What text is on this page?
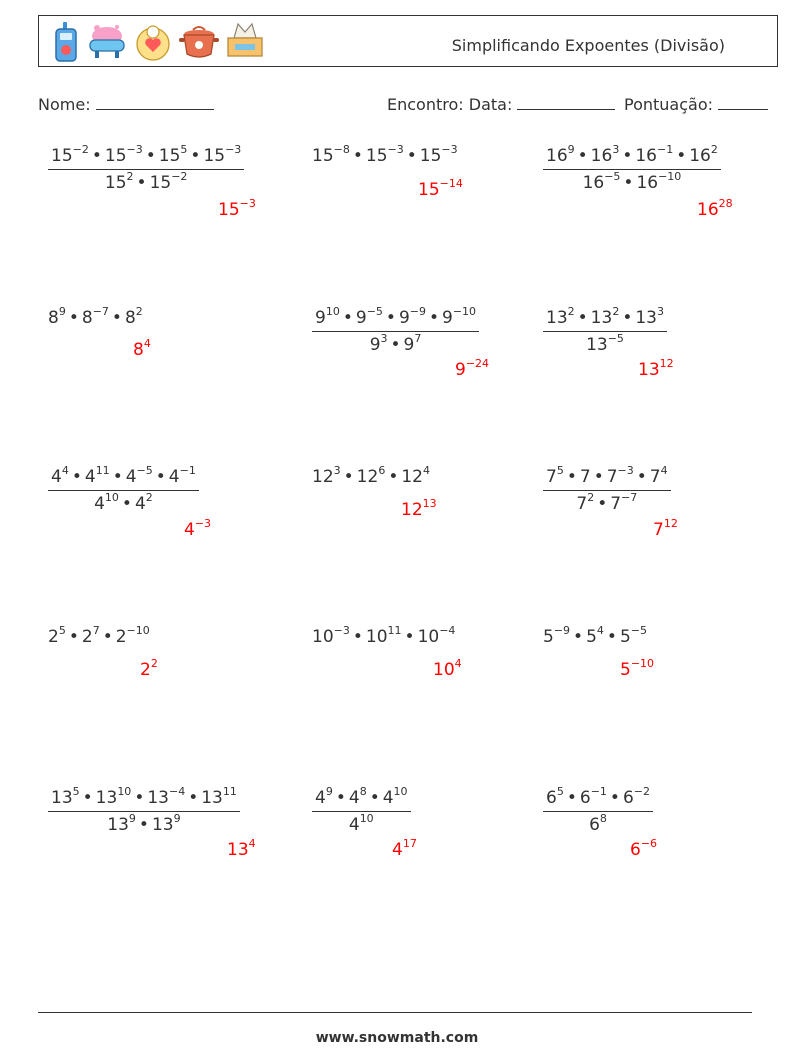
Simplificando Expoentes (Divisão)
Nome:	Encontro: Data:	Pontuação:
$\frac{15^{-2} • 15^{-3} • 15^5 • 15^{-3}}{15^2 • 15^{-2}}$
$15^{-3}$
$15^{-8}$ • $15^{-3}$ • $15^{-3}$
$15^{-14}$	$\frac{16^9 • 16^3 • 16^{-1} • 16^2}{16^{-5} • 16^{-10}}$
$16^{28}$
$8^9$ • $8^{-7}$ • $8^2$
$8^4$	$\frac{9^{10} • 9^{-5} • 9^{-9} • 9^{-10}}{9^3 • 9^7}$
$9^{-24}$
$\frac{13^2 • 13^2 • 13^3}{13^{-5}}$
$13^{12}$
$\frac{4^4 • 4^{11} • 4^{-5} • 4^{-1}}{4^{10} • 4^2}$
$4^{-3}$
$12^3$ • $12^6$ • $12^4$
$12^{13}$	$\frac{7^5 • 7 • 7^{-3} • 7^4}{7^2 • 7^{-7}}$
$7^{12}$
$2^5$ • $2^7$ • $2^{-10}$
$2^2$
$10^{-3}$ • $10^{11}$ • $10^{-4}$
$10^4$
$5^{-9}$ • $5^4$ • $5^{-5}$
$5^{-10}$
$\frac{13^5 • 13^{10} • 13^{-4} • 13^{11}}{13^9 • 13^9}$
$13^4$
$\frac{4^9 • 4^8 • 4^{10}}{4^{10}}$
$4^{17}$
$\frac{6^5 • 6^{-1} • 6^{-2}}{6^8}$
$6^{-6}$
www.snowmath.com
